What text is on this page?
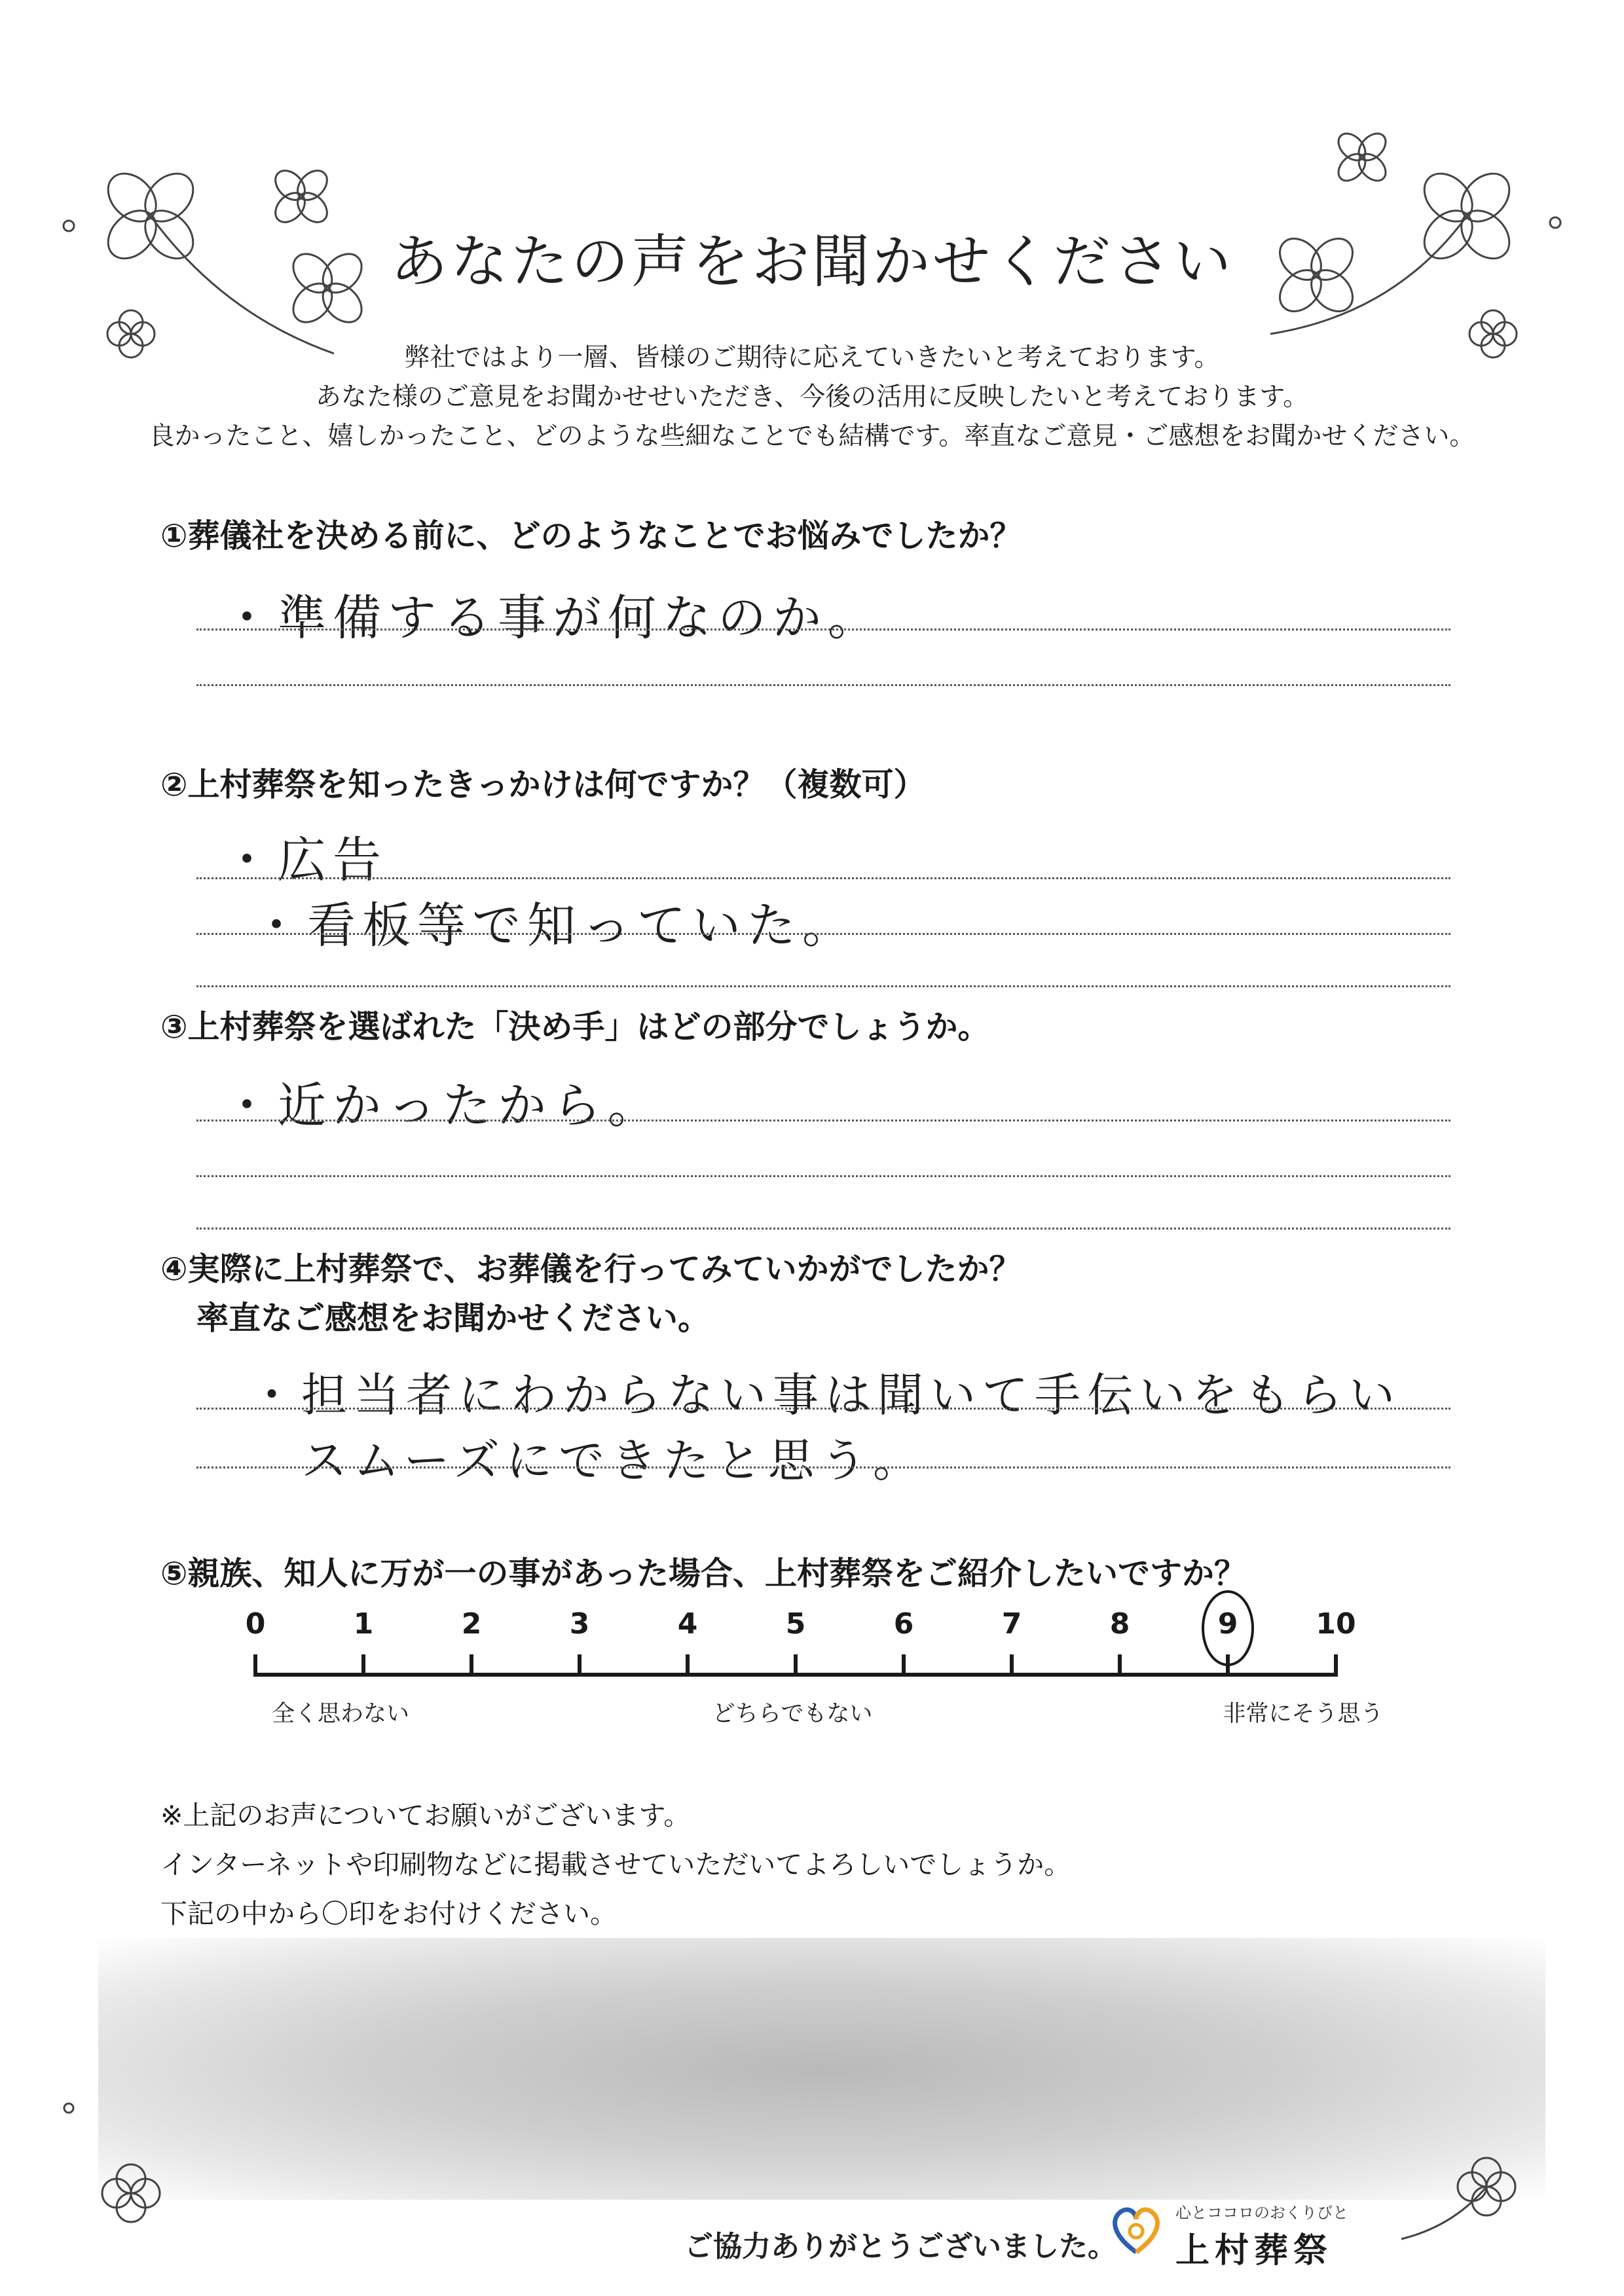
あなたの声をお聞かせください
弊社ではより一層、皆様のご期待に応えていきたいと考えております。
あなた様のご意見をお聞かせせいただき、今後の活用に反映したいと考えております。
良かったこと、嬉しかったこと、どのような些細なことでも結構です。率直なご意見・ご感想をお聞かせください。
①葬儀社を決める前に、どのようなことでお悩みでしたか？
・準備する事が何なのか。
②上村葬祭を知ったきっかけは何ですか？（複数可）
・広告
・看板等で知っていた。
③上村葬祭を選ばれた「決め手」はどの部分でしょうか。
・近かったから。
④実際に上村葬祭で、お葬儀を行ってみていかがでしたか？
率直なご感想をお聞かせください。
・担当者にわからない事は聞いて手伝いをもらい
スムーズにできたと思う。
⑤親族、知人に万が一の事があった場合、上村葬祭をご紹介したいですか？
0	1	2	3	4	5	6	7	8	9	10
全く思わない	どちらでもない	非常にそう思う
※上記のお声についてお願いがございます。
インターネットや印刷物などに掲載させていただいてよろしいでしょうか。
下記の中から〇印をお付けください。
ご協力ありがとうございました。
心とココロのおくりびと
上村葬祭
